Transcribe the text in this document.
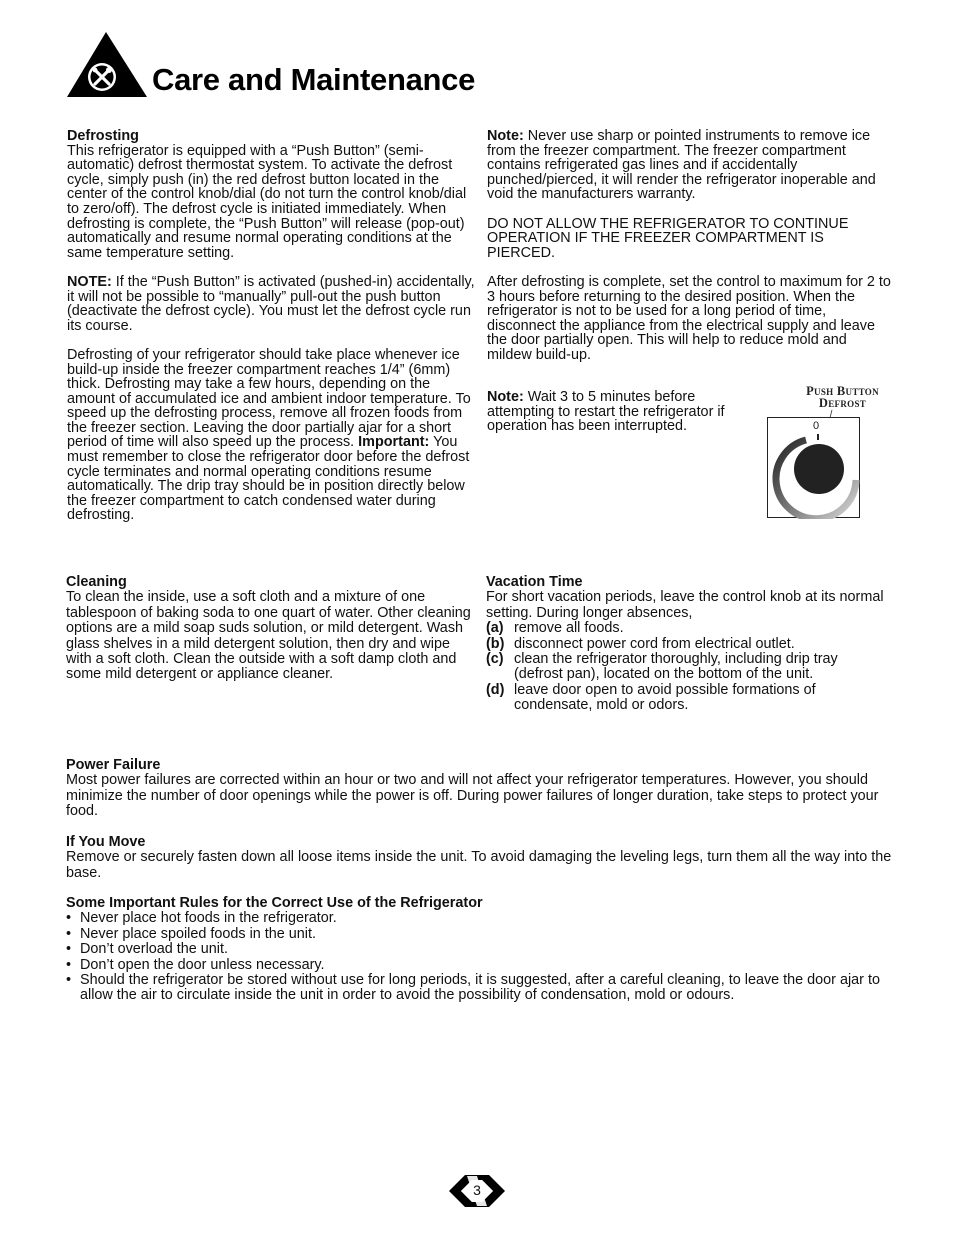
Care and Maintenance

Defrosting

This refrigerator is equipped with a “Push Button” (semi-automatic) defrost thermostat system. To activate the defrost cycle, simply push (in) the red defrost button located in the center of the control knob/dial (do not turn the control knob/dial to zero/off). The defrost cycle is initiated immediately. When defrosting is complete, the “Push Button” will release (pop-out) automatically and resume normal operating conditions at the same temperature setting.

NOTE: If the “Push Button” is activated (pushed-in) accidentally, it will not be possible to “manually” pull-out the push button (deactivate the defrost cycle). You must let the defrost cycle run its course.

Defrosting of your refrigerator should take place whenever ice build-up inside the freezer compartment reaches 1/4” (6mm) thick. Defrosting may take a few hours, depending on the amount of accumulated ice and ambient indoor temperature. To speed up the defrosting process, remove all frozen foods from the freezer section. Leaving the door partially ajar for a short period of time will also speed up the process. Important: You must remember to close the refrigerator door before the defrost cycle terminates and normal operating conditions resume automatically. The drip tray should be in position directly below the freezer compartment to catch condensed water during defrosting.

Note: Never use sharp or pointed instruments to remove ice from the freezer compartment. The freezer compartment contains refrigerated gas lines and if accidentally punched/pierced, it will render the refrigerator inoperable and void the manufacturers warranty.

DO NOT ALLOW THE REFRIGERATOR TO CONTINUE OPERATION IF THE FREEZER COMPARTMENT IS PIERCED.

After defrosting is complete, set the control to maximum for 2 to 3 hours before returning to the desired position. When the refrigerator is not to be used for a long period of time, disconnect the appliance from the electrical supply and leave the door partially open. This will help to reduce mold and mildew build-up.

Note: Wait 3 to 5 minutes before attempting to restart the refrigerator if operation has been interrupted.
Push Button
Defrost
0

Cleaning

To clean the inside, use a soft cloth and a mixture of one tablespoon of baking soda to one quart of water. Other cleaning options are a mild soap suds solution, or mild detergent. Wash glass shelves in a mild detergent solution, then dry and wipe with a soft cloth. Clean the outside with a soft damp cloth and some mild detergent or appliance cleaner.

Vacation Time

For short vacation periods, leave the control knob at its normal setting. During longer absences,

(a) remove all foods.
(b) disconnect power cord from electrical outlet.
(c) clean the refrigerator thoroughly, including drip tray (defrost pan), located on the bottom of the unit.
(d) leave door open to avoid possible formations of condensate, mold or odors.

Power Failure

Most power failures are corrected within an hour or two and will not affect your refrigerator temperatures. However, you should minimize the number of door openings while the power is off. During power failures of longer duration, take steps to protect your food.

If You Move

Remove or securely fasten down all loose items inside the unit. To avoid damaging the leveling legs, turn them all the way into the base.

Some Important Rules for the Correct Use of the Refrigerator

• Never place hot foods in the refrigerator.
• Never place spoiled foods in the unit.
• Don’t overload the unit.
• Don’t open the door unless necessary.
• Should the refrigerator be stored without use for long periods, it is suggested, after a careful cleaning, to leave the door ajar to allow the air to circulate inside the unit in order to avoid the possibility of condensation, mold or odours.
3
